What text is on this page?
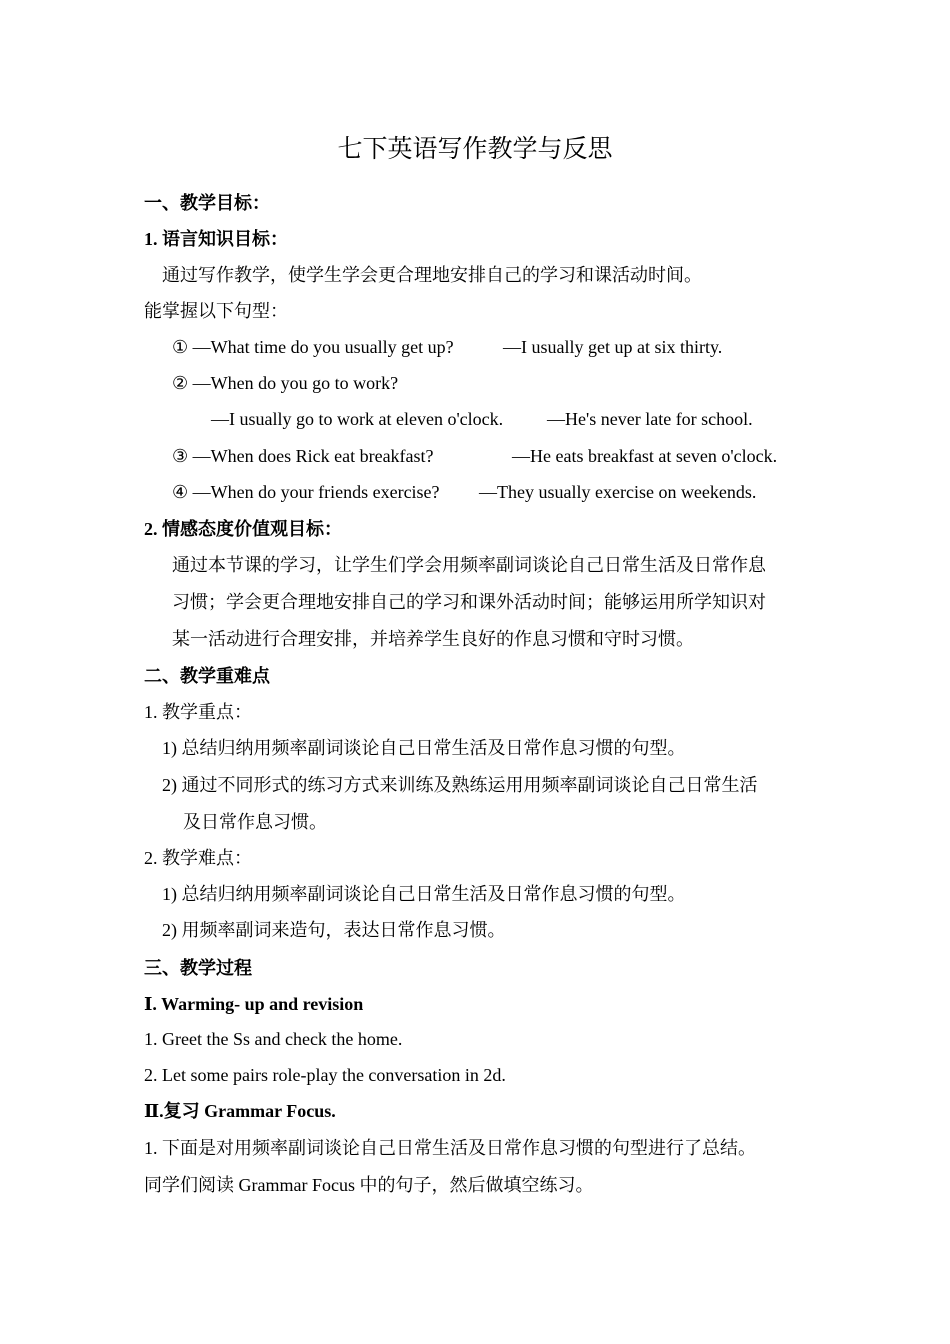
七下英语写作教学与反思
一、教学目标：
1. 语言知识目标：
通过写作教学，使学生学会更合理地安排自己的学习和课活动时间。
能掌握以下句型：
① —What time do you usually get up?	—I usually get up at six thirty.
② —When do you go to work?
—I usually go to work at eleven o'clock. —He's never late for school.
③ —When does Rick eat breakfast?	—He eats breakfast at seven o'clock.
④ —When do your friends exercise? —They usually exercise on weekends.
2. 情感态度价值观目标：
通过本节课的学习，让学生们学会用频率副词谈论自己日常生活及日常作息
习惯；学会更合理地安排自己的学习和课外活动时间；能够运用所学知识对
某一活动进行合理安排，并培养学生良好的作息习惯和守时习惯。
二、教学重难点
1. 教学重点：
1) 总结归纳用频率副词谈论自己日常生活及日常作息习惯的句型。
2) 通过不同形式的练习方式来训练及熟练运用用频率副词谈论自己日常生活
及日常作息习惯。
2. 教学难点：
1) 总结归纳用频率副词谈论自己日常生活及日常作息习惯的句型。
2) 用频率副词来造句，表达日常作息习惯。
三、教学过程
Ⅰ. Warming- up and revision
1. Greet the Ss and check the home.
2. Let some pairs role-play the conversation in 2d.
Ⅱ.复习 Grammar Focus.
1. 下面是对用频率副词谈论自己日常生活及日常作息习惯的句型进行了总结。
同学们阅读 Grammar Focus 中的句子，然后做填空练习。
